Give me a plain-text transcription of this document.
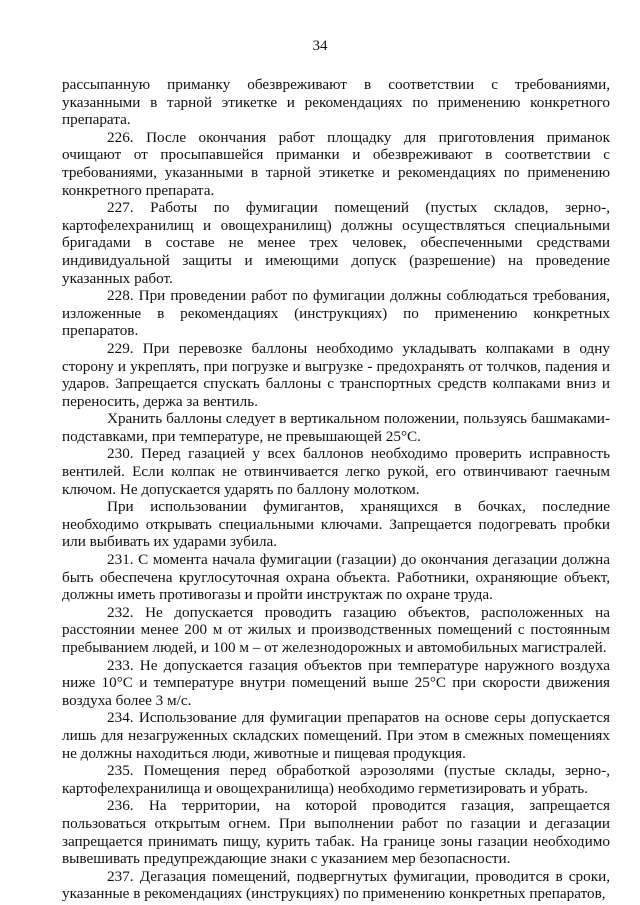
34

рассыпанную приманку обезвреживают в соответствии с требованиями, указанными в тарной этикетке и рекомендациях по применению конкретного препарата.

226. После окончания работ площадку для приготовления приманок очищают от просыпавшейся приманки и обезвреживают в соответствии с требованиями, указанными в тарной этикетке и рекомендациях по применению конкретного препарата.

227. Работы по фумигации помещений (пустых складов, зерно-, картофелехранилищ и овощехранилищ) должны осуществляться специальными бригадами в составе не менее трех человек, обеспеченными средствами индивидуальной защиты и имеющими допуск (разрешение) на проведение указанных работ.

228. При проведении работ по фумигации должны соблюдаться требования, изложенные в рекомендациях (инструкциях) по применению конкретных препаратов.

229. При перевозке баллоны необходимо укладывать колпаками в одну сторону и укреплять, при погрузке и выгрузке - предохранять от толчков, падения и ударов. Запрещается спускать баллоны с транспортных средств колпаками вниз и переносить, держа за вентиль.

Хранить баллоны следует в вертикальном положении, пользуясь башмаками-подставками, при температуре, не превышающей 25°С.

230. Перед газацией у всех баллонов необходимо проверить исправность вентилей. Если колпак не отвинчивается легко рукой, его отвинчивают гаечным ключом. Не допускается ударять по баллону молотком.

При использовании фумигантов, хранящихся в бочках, последние необходимо открывать специальными ключами. Запрещается подогревать пробки или выбивать их ударами зубила.

231. С момента начала фумигации (газации) до окончания дегазации должна быть обеспечена круглосуточная охрана объекта. Работники, охраняющие объект, должны иметь противогазы и пройти инструктаж по охране труда.

232. Не допускается проводить газацию объектов, расположенных на расстоянии менее 200 м от жилых и производственных помещений с постоянным пребыванием людей, и 100 м – от железнодорожных и автомобильных магистралей.

233. Не допускается газация объектов при температуре наружного воздуха ниже 10°С и температуре внутри помещений выше 25°С при скорости движения воздуха более 3 м/с.

234. Использование для фумигации препаратов на основе серы допускается лишь для незагруженных складских помещений. При этом в смежных помещениях не должны находиться люди, животные и пищевая продукция.

235. Помещения перед обработкой аэрозолями (пустые склады, зерно-, картофелехранилища и овощехранилища) необходимо герметизировать и убрать.

236. На территории, на которой проводится газация, запрещается пользоваться открытым огнем. При выполнении работ по газации и дегазации запрещается принимать пищу, курить табак. На границе зоны газации необходимо вывешивать предупреждающие знаки с указанием мер безопасности.

237. Дегазация помещений, подвергнутых фумигации, проводится в сроки, указанные в рекомендациях (инструкциях) по применению конкретных препаратов,
